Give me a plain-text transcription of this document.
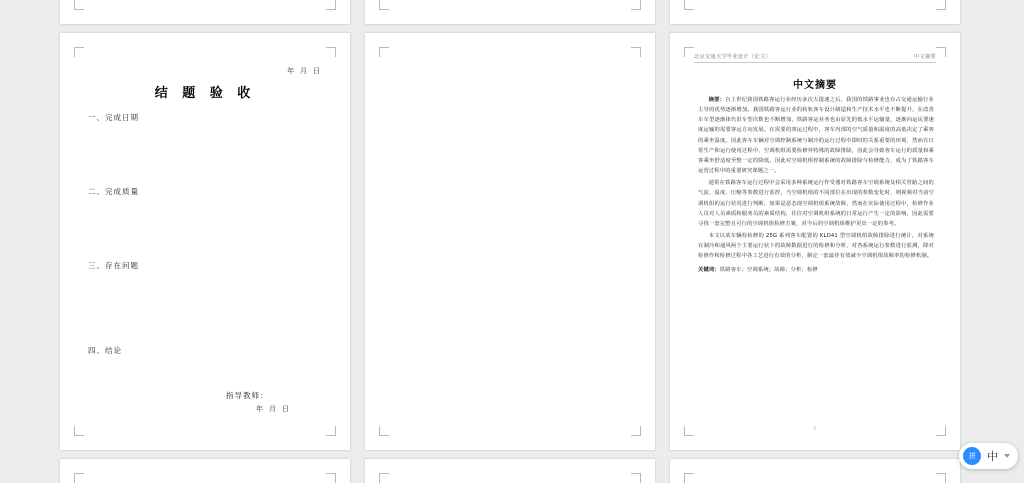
年 月 日
结 题 验 收
一、完成日期
二、完成质量
三、存在问题
四、结论
指导教师：
年 月 日
北京交通大学毕业设计（论文）	中文摘要
中文摘要

摘要：自上世纪我国铁路客运行业经历多次大提速之后，我国的铁路事业也有占交通运输行业主导的优势逐渐增加。我国铁路客运行业的转轨客车设计制造和生产技术水平也不断提升，在改善车车型逐渐体代旧车型次数也不断增加，铁路客运业务也由原先的低水平运输量，逐渐向运民要速度运输的需要客运方向发展。在需要的客运过程中，客车内部的空气质量和温度的高低决定了乘客的乘坐温度。因此客车车辆对空调控制系统与制冷的运行过程中即时的关系重要的环境，然而在日常生产和运行使用过程中，空调机组需要检修外特殊的故障排除，因此会导致客车运行的质量和乘客乘坐舒适度至整一定的降低，因此对空调机组控制系统的故障排除与检修能力，成为了铁路客车运营过程中的重要研究课题之一。

通常在铁路客车运行过程中会采用多种系统运行作受器对铁路客车空调系统及相关管路之间的气流、温度、压缩等参数进行监控，当空调机组的不同部位在出现的参数变化时，则视频对当前空调机组的运行状况进行判断，如果是恶态现空调机组系统故障，然而在实际使用过程中，检修作业人员对人员素质和服务员的素质结构，往往对空调机组系统的日常运行产生一定的影响，因此需要寻找一套完整且可行的空调机组检修方案，对今后的空调机组维护更出一定的参考。

本文以某车辆检检修的 25G 系列客车配置的 KLD41 型空调机组故障排除进行统计，对系统在制冷和通风两个主要运行状下的故障数据进行的检修和分析，对各系统运行参数进行监测，降对检修作和检修过程中各工艺进行有效的分析，制定一套最佳有效减少空调机组故障率的检修机制。

关键词：铁路客车；空调系统；故障；分析；检修

I
拼	中
